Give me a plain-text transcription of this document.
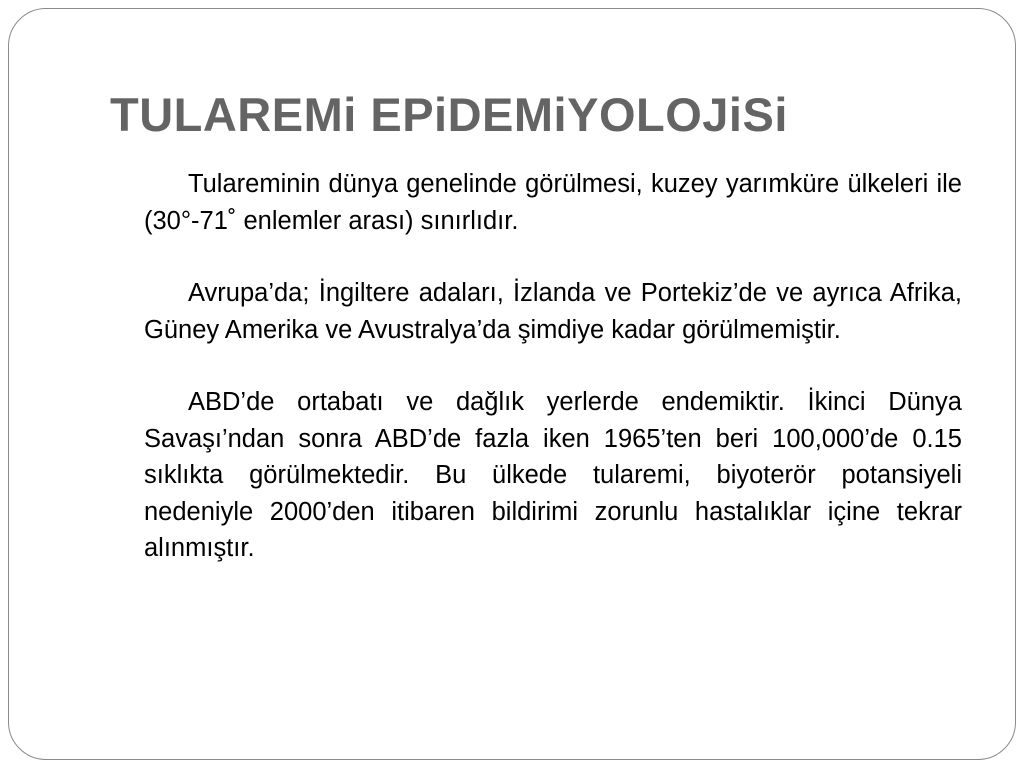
TULAREMi EPiDEMiYOLOJiSi

Tulareminin dünya genelinde görülmesi, kuzey yarımküre ülkeleri ile (30°-71˚ enlemler arası) sınırlıdır.

Avrupa’da; İngiltere adaları, İzlanda ve Portekiz’de ve ayrıca Afrika, Güney Amerika ve Avustralya’da şimdiye kadar görülmemiştir.

ABD’de ortabatı ve dağlık yerlerde endemiktir. İkinci Dünya Savaşı’ndan sonra ABD’de fazla iken 1965’ten beri 100,000’de 0.15 sıklıkta görülmektedir. Bu ülkede tularemi, biyoterör potansiyeli nedeniyle 2000’den itibaren bildirimi zorunlu hastalıklar içine tekrar alınmıştır.
